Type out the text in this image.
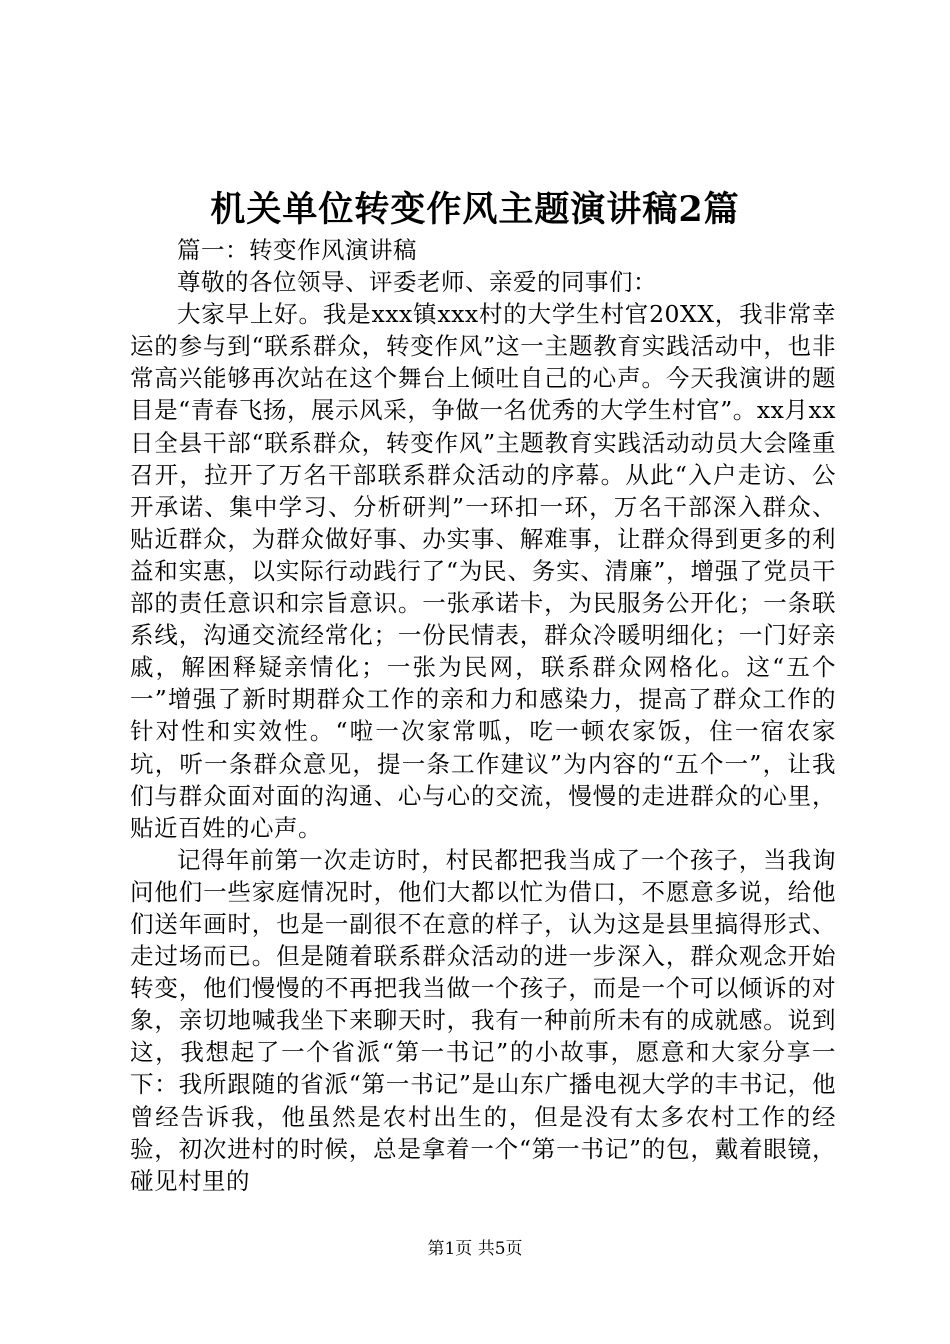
机关单位转变作风主题演讲稿2篇

篇一：转变作风演讲稿

尊敬的各位领导、评委老师、亲爱的同事们：

大家早上好。我是xxx镇xxx村的大学生村官20XX，我非常幸运的参与到“联系群众，转变作风”这一主题教育实践活动中，也非常高兴能够再次站在这个舞台上倾吐自己的心声。今天我演讲的题目是“青春飞扬，展示风采，争做一名优秀的大学生村官”。xx月xx日全县干部“联系群众，转变作风”主题教育实践活动动员大会隆重召开，拉开了万名干部联系群众活动的序幕。从此“入户走访、公开承诺、集中学习、分析研判”一环扣一环，万名干部深入群众、贴近群众，为群众做好事、办实事、解难事，让群众得到更多的利益和实惠，以实际行动践行了“为民、务实、清廉”，增强了党员干部的责任意识和宗旨意识。一张承诺卡，为民服务公开化；一条联系线，沟通交流经常化；一份民情表，群众冷暖明细化；一门好亲戚，解困释疑亲情化；一张为民网，联系群众网格化。这“五个一”增强了新时期群众工作的亲和力和感染力，提高了群众工作的针对性和实效性。“啦一次家常呱，吃一顿农家饭，住一宿农家坑，听一条群众意见，提一条工作建议”为内容的“五个一”，让我们与群众面对面的沟通、心与心的交流，慢慢的走进群众的心里，贴近百姓的心声。

记得年前第一次走访时，村民都把我当成了一个孩子，当我询问他们一些家庭情况时，他们大都以忙为借口，不愿意多说，给他们送年画时，也是一副很不在意的样子，认为这是县里搞得形式、走过场而已。但是随着联系群众活动的进一步深入，群众观念开始转变，他们慢慢的不再把我当做一个孩子，而是一个可以倾诉的对象，亲切地喊我坐下来聊天时，我有一种前所未有的成就感。说到这，我想起了一个省派“第一书记”的小故事，愿意和大家分享一下：我所跟随的省派“第一书记”是山东广播电视大学的丰书记，他曾经告诉我，他虽然是农村出生的，但是没有太多农村工作的经验，初次进村的时候，总是拿着一个“第一书记”的包，戴着眼镜，碰见村里的

第1页 共5页
